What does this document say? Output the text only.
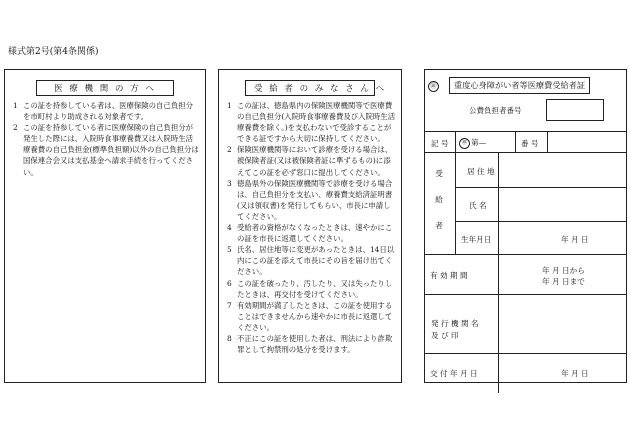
様式第2号(第4条関係)
医 療 機 関 の 方 へ
1 この証を持参している者は、医療保険の自己負担分を市町村より助成される対象者です。
2 この証を持参している者に医療保険の自己負担分が発生した際には、入院時食事療養費又は入院時生活療養費の自己負担金(標準負担額)以外の自己負担分は国保連合会又は支払基金へ請求手続を行ってください。
受 給 者 の み な さ ん へ
1 この証は、徳島県内の保険医療機関等で医療費の自己負担分(入院時食事療養費及び入院時生活療養費を除く。)を支払わないで受診することができる証ですから大切に保持してください。
2 保険医療機関等において診療を受ける場合は、被保険者証(又は被保険者証に準ずるもの)に添えてこの証を必ず窓口に提出してください。
3 徳島県外の保険医療機関等で診療を受ける場合は、自己負担分を支払い、療養費支給済証明書(又は領収書)を発行してもらい、市長に申請してください。
4 受給者の資格がなくなったときは、速やかにこの証を市長に返還してください。
5 氏名、居住地等に変更があったときは、14日以内にこの証を添えて市長にその旨を届け出てください。
6 この証を破ったり、汚したり、又は失ったりしたときは、再交付を受けてください。
7 有効期間が満了したときは、この証を使用することはできませんから速やかに市長に返還してください。
8 不正にこの証を使用した者は、刑法により詐欺罪として拘禁刑の処分を受けます。
㊞	重度心身障がい者等医療費受給者証
公費負担者番号
記 号	㊞ 第—	番 号
受
給
者
居 住 地
氏 名
生年月日	年 月 日
有 効 期 間
年 月 日から
年 月 日まで
発 行 機 関 名
及 び 印
交 付 年 月 日	年 月 日
